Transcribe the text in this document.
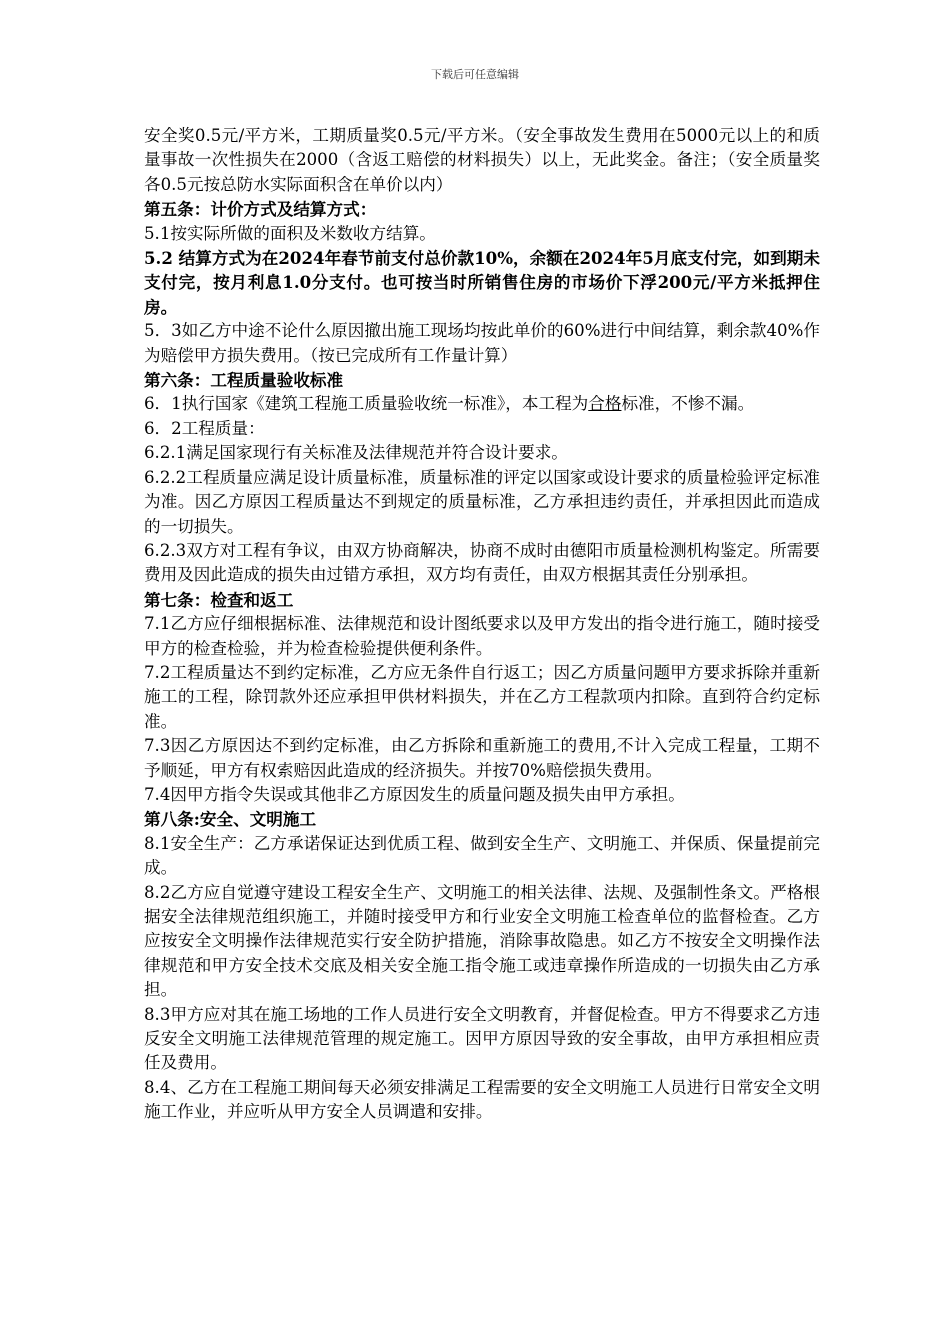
下载后可任意编辑

安全奖0.5元/平方米，工期质量奖0.5元/平方米。（安全事故发生费用在5000元以上的和质量事故一次性损失在2000（含返工赔偿的材料损失）以上，无此奖金。备注；（安全质量奖各0.5元按总防水实际面积含在单价以内）

第五条：计价方式及结算方式：

5.1按实际所做的面积及米数收方结算。

5.2 结算方式为在2024年春节前支付总价款10%，余额在2024年5月底支付完，如到期未支付完，按月利息1.0分支付。也可按当时所销售住房的市场价下浮200元/平方米抵押住房。

5．3如乙方中途不论什么原因撤出施工现场均按此单价的60%进行中间结算，剩余款40%作为赔偿甲方损失费用。（按已完成所有工作量计算）

第六条：工程质量验收标准

6．1执行国家《建筑工程施工质量验收统一标准》，本工程为合格标准，不惨不漏。

6．2工程质量：

6.2.1满足国家现行有关标准及法律规范并符合设计要求。

6.2.2工程质量应满足设计质量标准，质量标准的评定以国家或设计要求的质量检验评定标准为准。因乙方原因工程质量达不到规定的质量标准，乙方承担违约责任，并承担因此而造成的一切损失。

6.2.3双方对工程有争议，由双方协商解决，协商不成时由德阳市质量检测机构鉴定。所需要费用及因此造成的损失由过错方承担，双方均有责任，由双方根据其责任分别承担。

第七条：检查和返工

7.1乙方应仔细根据标准、法律规范和设计图纸要求以及甲方发出的指令进行施工，随时接受甲方的检查检验，并为检查检验提供便利条件。

7.2工程质量达不到约定标准，乙方应无条件自行返工；因乙方质量问题甲方要求拆除并重新施工的工程，除罚款外还应承担甲供材料损失，并在乙方工程款项内扣除。直到符合约定标准。

7.3因乙方原因达不到约定标准，由乙方拆除和重新施工的费用,不计入完成工程量，工期不予顺延，甲方有权索赔因此造成的经济损失。并按70%赔偿损失费用。

7.4因甲方指令失误或其他非乙方原因发生的质量问题及损失由甲方承担。

第八条:安全、文明施工

8.1安全生产：乙方承诺保证达到优质工程、做到安全生产、文明施工、并保质、保量提前完成。

8.2乙方应自觉遵守建设工程安全生产、文明施工的相关法律、法规、及强制性条文。严格根据安全法律规范组织施工，并随时接受甲方和行业安全文明施工检查单位的监督检查。乙方应按安全文明操作法律规范实行安全防护措施，消除事故隐患。如乙方不按安全文明操作法律规范和甲方安全技术交底及相关安全施工指令施工或违章操作所造成的一切损失由乙方承担。

8.3甲方应对其在施工场地的工作人员进行安全文明教育，并督促检查。甲方不得要求乙方违反安全文明施工法律规范管理的规定施工。因甲方原因导致的安全事故，由甲方承担相应责任及费用。

8.4、乙方在工程施工期间每天必须安排满足工程需要的安全文明施工人员进行日常安全文明施工作业，并应听从甲方安全人员调遣和安排。
